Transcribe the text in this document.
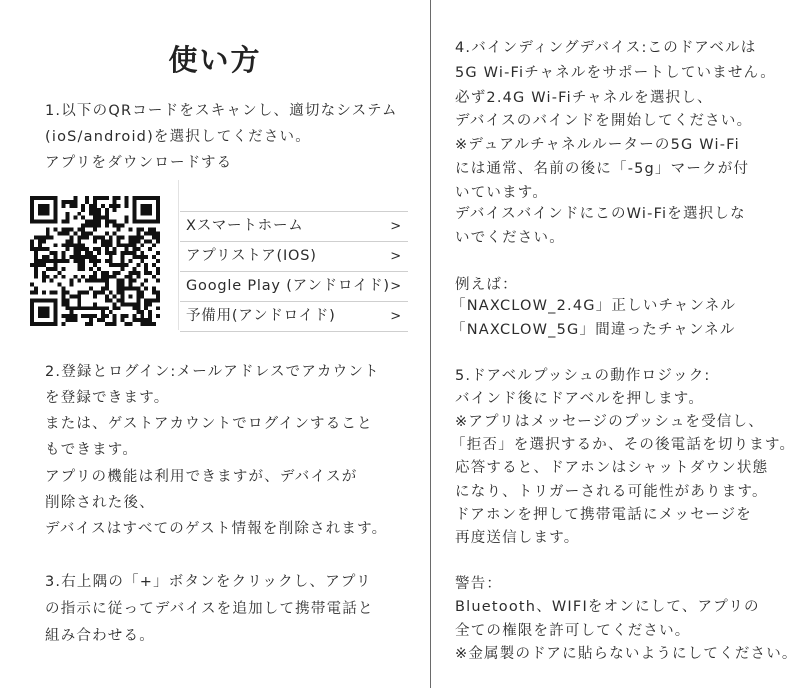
使い方
1.以下のQRコードをスキャンし、適切なシステム
(ioS/android)を選択してください。
アプリをダウンロードする
Xスマートホーム	>
アプリストア(IOS)	>
Google Play (アンドロイド) >
予備用(アンドロイド)	>
2.登録とログイン:メールアドレスでアカウント
を登録できます。
または、ゲストアカウントでログインすること
もできます。
アプリの機能は利用できますが、デバイスが
削除された後、
デバイスはすべてのゲスト情報を削除されます。
3.右上隅の「+」ボタンをクリックし、アプリ
の指示に従ってデバイスを追加して携帯電話と
組み合わせる。
4.バインディングデバイス:このドアベルは
5G Wi-Fiチャネルをサポートしていません。
必ず2.4G Wi-Fiチャネルを選択し、
デバイスのバインドを開始してください。
※デュアルチャネルルーターの5G Wi-Fi
には通常、名前の後に「-5g」マークが付
いています。
デバイスバインドにこのWi-Fiを選択しな
いでください。
例えば：
「NAXCLOW_2.4G」正しいチャンネル
「NAXCLOW_5G」間違ったチャンネル
5.ドアベルプッシュの動作ロジック:
バインド後にドアベルを押します。
※アプリはメッセージのプッシュを受信し、
「拒否」を選択するか、その後電話を切ります。
応答すると、ドアホンはシャットダウン状態
になり、トリガーされる可能性があります。
ドアホンを押して携帯電話にメッセージを
再度送信します。
警告：
Bluetooth、WIFIをオンにして、アプリの
全ての権限を許可してください。
※金属製のドアに貼らないようにしてください。
